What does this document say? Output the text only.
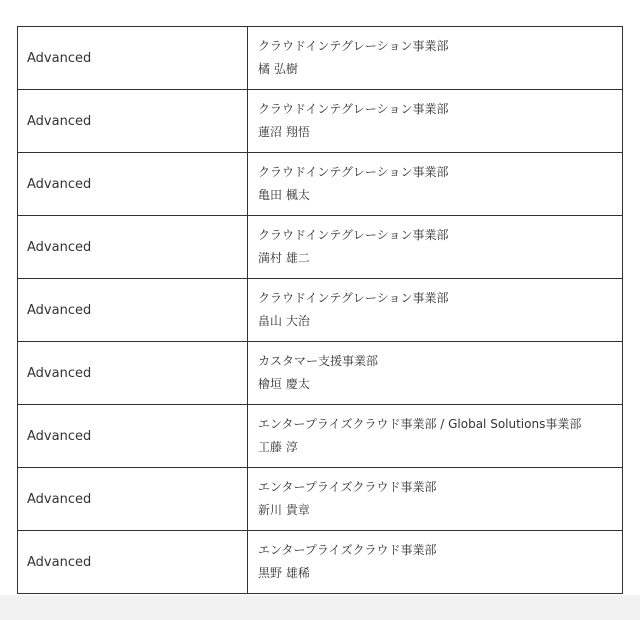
Advanced	クラウドインテグレーション事業部
橘 弘樹

Advanced	クラウドインテグレーション事業部
蓮沼 翔悟

Advanced	クラウドインテグレーション事業部
亀田 楓太

Advanced	クラウドインテグレーション事業部
満村 雄二

Advanced	クラウドインテグレーション事業部
畠山 大治

Advanced	カスタマー支援事業部
檜垣 慶太

Advanced	エンタープライズクラウド事業部 / Global Solutions事業部
工藤 淳

Advanced	エンタープライズクラウド事業部
新川 貴章

Advanced	エンタープライズクラウド事業部
黒野 雄稀
